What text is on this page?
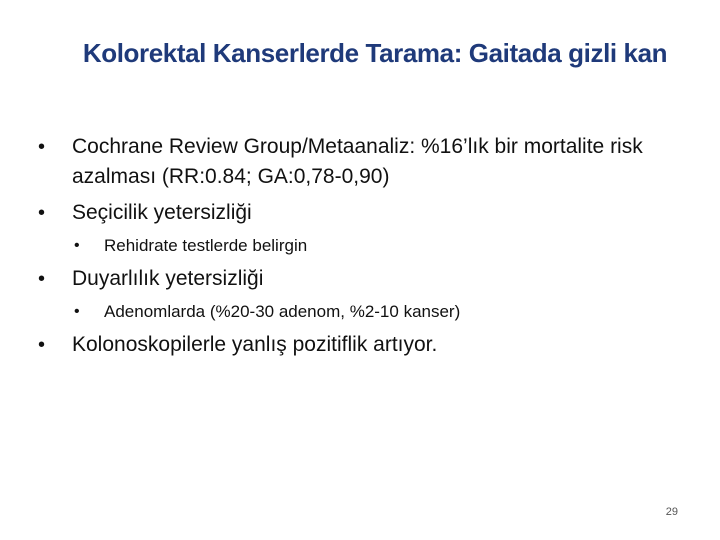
Kolorektal Kanserlerde Tarama: Gaitada gizli kan
• Cochrane Review Group/Metaanaliz: %16’lık bir mortalite risk azalması (RR:0.84; GA:0,78-0,90)
• Seçicilik yetersizliği
• Rehidrate testlerde belirgin
• Duyarlılık yetersizliği
• Adenomlarda (%20-30 adenom, %2-10 kanser)
• Kolonoskopilerle yanlış pozitiflik artıyor.
29
